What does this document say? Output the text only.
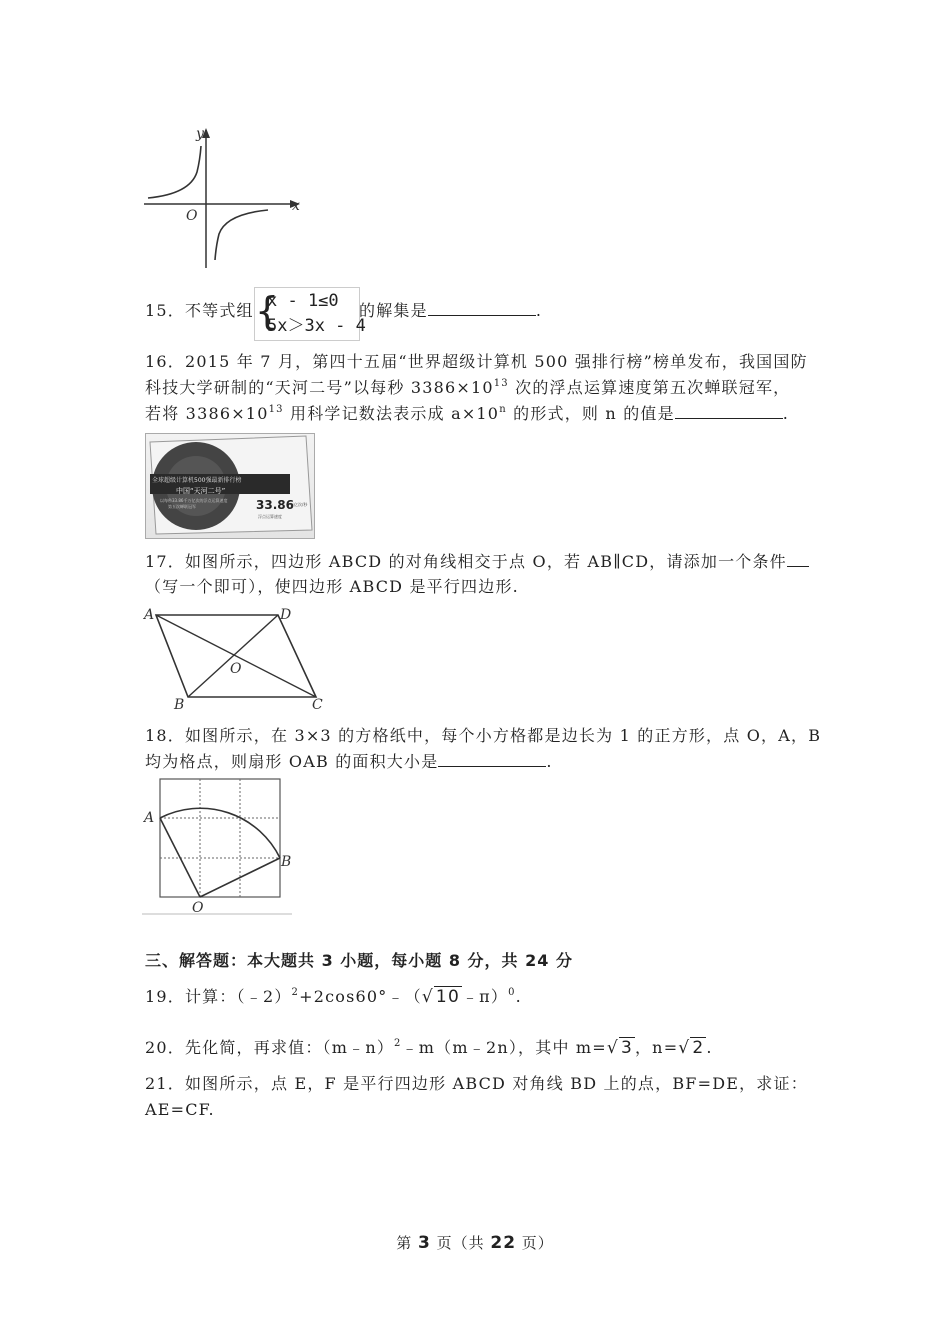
y
x
O
15．不等式组 {
x - 1≤0
5x＞3x - 4
的解集是	.
16．2015 年 7 月，第四十五届“世界超级计算机 500 强排行榜”榜单发布，我国国防
科技大学研制的“天河二号”以每秒 $3386\times 10^{13}$ 次的浮点运算速度第五次蝉联冠军，
若将 $3386\times 10^{13}$ 用科学记数法表示成 $a\times 10^n$ 的形式，则 n 的值是	.
全球超级计算机500强最新排行榜
中国“天河二号”
以每秒33.86千万亿次的浮点运算速度
第五次蝉联冠军	33.86
万亿次/秒
浮点运算速度
17．如图所示，四边形 ABCD 的对角线相交于点 O，若 AB∥CD，请添加一个条件
（写一个即可），使四边形 ABCD 是平行四边形.
A	D
O
B	C
18．如图所示，在 3×3 的方格纸中，每个小方格都是边长为 1 的正方形，点 O，A，B
均为格点，则扇形 OAB 的面积大小是	.
A
B
O
三、解答题：本大题共 3 小题，每小题 8 分，共 24 分
19．计算：（﹣2）$^2$+2cos60°﹣（√ 10 ﹣π）$^0$.
20．先化简，再求值：（m﹣n）$^2$﹣m（m﹣2n），其中 m=√ 3 ，n=√ 2 .
21．如图所示，点 E，F 是平行四边形 ABCD 对角线 BD 上的点，BF=DE，求证：
AE=CF.
第 3 页（共 22 页）
